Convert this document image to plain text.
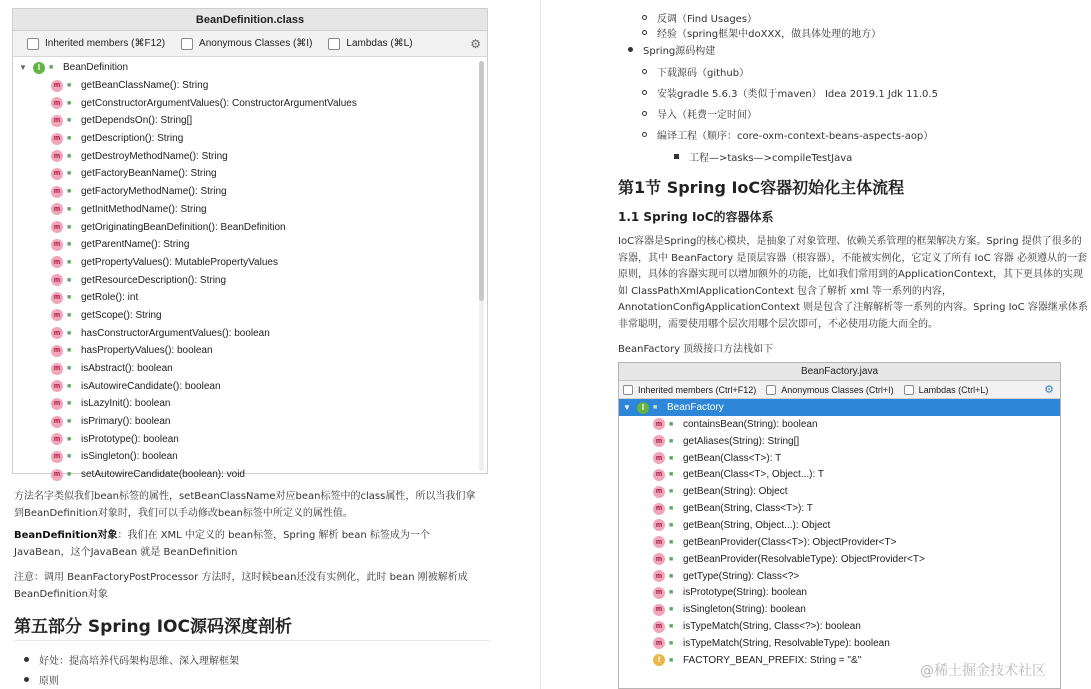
BeanDefinition.class
Inherited members (⌘F12)	Anonymous Classes (⌘I)	Lambdas (⌘L)	⚙
▼	I	■ BeanDefinition
m ■ getBeanClassName(): String
m ■ getConstructorArgumentValues(): ConstructorArgumentValues
m ■ getDependsOn(): String[]
m ■ getDescription(): String
m ■ getDestroyMethodName(): String
m ■ getFactoryBeanName(): String
m ■ getFactoryMethodName(): String
m ■ getInitMethodName(): String
m ■ getOriginatingBeanDefinition(): BeanDefinition
m ■ getParentName(): String
m ■ getPropertyValues(): MutablePropertyValues
m ■ getResourceDescription(): String
m ■ getRole(): int
m ■ getScope(): String
m ■ hasConstructorArgumentValues(): boolean
m ■ hasPropertyValues(): boolean
m ■ isAbstract(): boolean
m ■ isAutowireCandidate(): boolean
m ■ isLazyInit(): boolean
m ■ isPrimary(): boolean
m ■ isPrototype(): boolean
m ■ isSingleton(): boolean
m ■ setAutowireCandidate(boolean): void
方法名字类似我们bean标签的属性，setBeanClassName对应bean标签中的class属性，所以当我们拿到BeanDefinition对象时，我们可以手动修改bean标签中所定义的属性值。
BeanDefinition对象：我们在 XML 中定义的 bean标签，Spring 解析 bean 标签成为一个 JavaBean，这个JavaBean 就是 BeanDefinition
注意：调用 BeanFactoryPostProcessor 方法时，这时候bean还没有实例化，此时 bean 刚被解析成 BeanDefinition对象
第五部分 Spring IOC源码深度剖析
好处：提高培养代码架构思维、深入理解框架
原则
反调（Find Usages）
经验（spring框架中doXXX，做具体处理的地方）
Spring源码构建
下载源码（github）
安装gradle 5.6.3（类似于maven） Idea 2019.1 Jdk 11.0.5
导入（耗费一定时间）
编译工程（顺序：core-oxm-context-beans-aspects-aop）
工程—>tasks—>compileTestJava
第1节 Spring IoC容器初始化主体流程
1.1 Spring IoC的容器体系
IoC容器是Spring的核心模块，是抽象了对象管理、依赖关系管理的框架解决方案。Spring 提供了很多的容器，其中 BeanFactory 是顶层容器（根容器），不能被实例化，它定义了所有 IoC 容器 必须遵从的一套原则，具体的容器实现可以增加额外的功能，比如我们常用到的ApplicationContext，其下更具体的实现如 ClassPathXmlApplicationContext 包含了解析 xml 等一系列的内容，AnnotationConfigApplicationContext 则是包含了注解解析等一系列的内容。Spring IoC 容器继承体系非常聪明，需要使用哪个层次用哪个层次即可，不必使用功能大而全的。
BeanFactory 顶级接口方法栈如下
BeanFactory.java
Inherited members (Ctrl+F12)	Anonymous Classes (Ctrl+I)	Lambdas (Ctrl+L)	⚙
▼	I	■ BeanFactory
m ■ containsBean(String): boolean
m ■ getAliases(String): String[]
m ■ getBean(Class<T>): T
m ■ getBean(Class<T>, Object...): T
m ■ getBean(String): Object
m ■ getBean(String, Class<T>): T
m ■ getBean(String, Object...): Object
m ■ getBeanProvider(Class<T>): ObjectProvider<T>
m ■ getBeanProvider(ResolvableType): ObjectProvider<T>
m ■ getType(String): Class<?>
m ■ isPrototype(String): boolean
m ■ isSingleton(String): boolean
m ■ isTypeMatch(String, Class<?>): boolean
m ■ isTypeMatch(String, ResolvableType): boolean
f	■ FACTORY_BEAN_PREFIX: String = "&"
@稀土掘金技术社区
